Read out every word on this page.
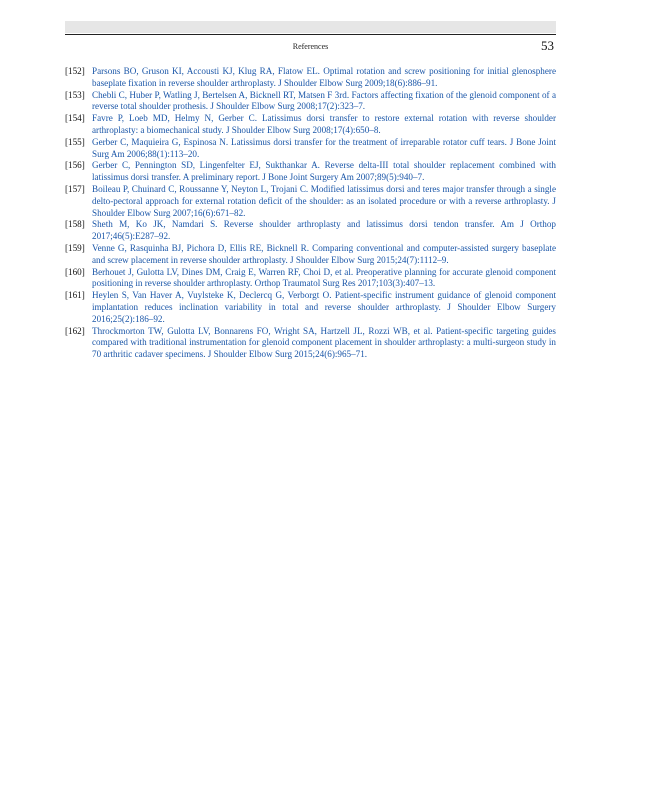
References	53
[152] Parsons BO, Gruson KI, Accousti KJ, Klug RA, Flatow EL. Optimal rotation and screw positioning for initial glenosphere baseplate fixation in reverse shoulder arthroplasty. J Shoulder Elbow Surg 2009;18(6):886–91.
[153] Chebli C, Huber P, Watling J, Bertelsen A, Bicknell RT, Matsen F 3rd. Factors affecting fixation of the glenoid component of a reverse total shoulder prothesis. J Shoulder Elbow Surg 2008;17(2):323–7.
[154] Favre P, Loeb MD, Helmy N, Gerber C. Latissimus dorsi transfer to restore external rotation with reverse shoulder arthroplasty: a biomechanical study. J Shoulder Elbow Surg 2008;17(4):650–8.
[155] Gerber C, Maquieira G, Espinosa N. Latissimus dorsi transfer for the treatment of irreparable rotator cuff tears. J Bone Joint Surg Am 2006;88(1):113–20.
[156] Gerber C, Pennington SD, Lingenfelter EJ, Sukthankar A. Reverse delta-III total shoulder replacement combined with latissimus dorsi transfer. A preliminary report. J Bone Joint Surgery Am 2007;89(5):940–7.
[157] Boileau P, Chuinard C, Roussanne Y, Neyton L, Trojani C. Modified latissimus dorsi and teres major transfer through a single delto-pectoral approach for external rotation deficit of the shoulder: as an isolated procedure or with a reverse arthroplasty. J Shoulder Elbow Surg 2007;16(6):671–82.
[158] Sheth M, Ko JK, Namdari S. Reverse shoulder arthroplasty and latissimus dorsi tendon transfer. Am J Orthop 2017;46(5):E287–92.
[159] Venne G, Rasquinha BJ, Pichora D, Ellis RE, Bicknell R. Comparing conventional and computer-assisted surgery baseplate and screw placement in reverse shoulder arthroplasty. J Shoulder Elbow Surg 2015;24(7):1112–9.
[160] Berhouet J, Gulotta LV, Dines DM, Craig E, Warren RF, Choi D, et al. Preoperative planning for accurate glenoid component positioning in reverse shoulder arthroplasty. Orthop Traumatol Surg Res 2017;103(3):407–13.
[161] Heylen S, Van Haver A, Vuylsteke K, Declercq G, Verborgt O. Patient-specific instrument guidance of glenoid component implantation reduces inclination variability in total and reverse shoulder arthroplasty. J Shoulder Elbow Surgery 2016;25(2):186–92.
[162] Throckmorton TW, Gulotta LV, Bonnarens FO, Wright SA, Hartzell JL, Rozzi WB, et al. Patient-specific targeting guides compared with traditional instrumentation for glenoid component placement in shoulder arthroplasty: a multi-surgeon study in 70 arthritic cadaver specimens. J Shoulder Elbow Surg 2015;24(6):965–71.
